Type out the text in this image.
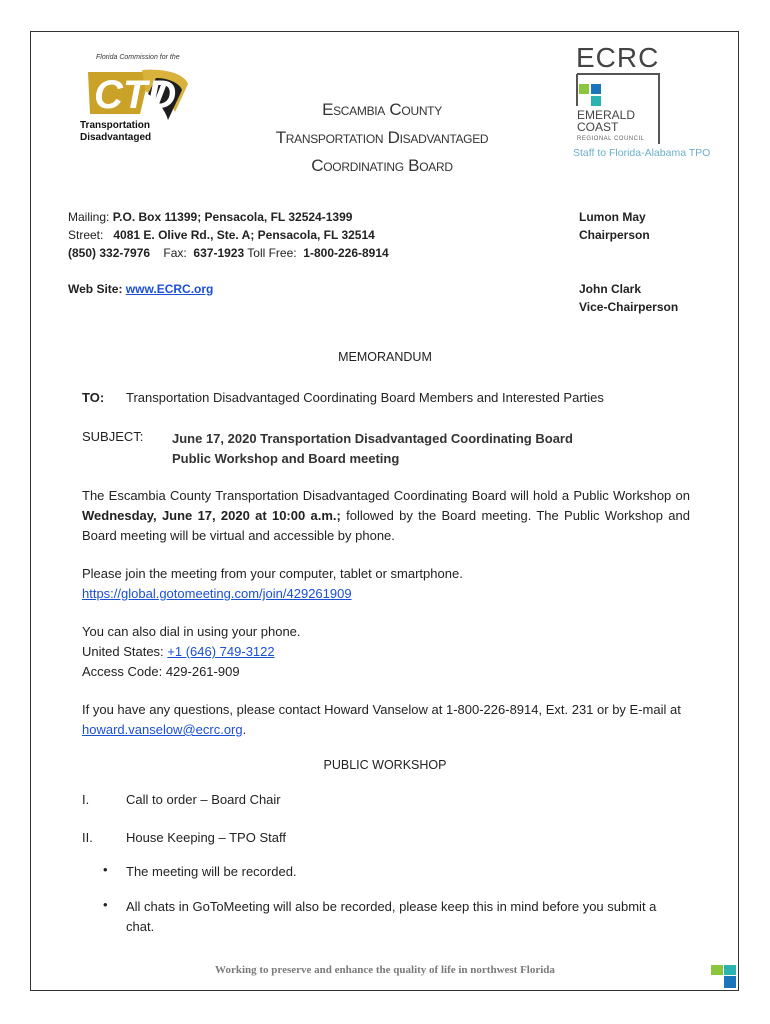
Florida Commission for the
CTD
Transportation
Disadvantaged
Escambia County
Transportation Disadvantaged
Coordinating Board
ECRC
EMERALD
COAST
REGIONAL COUNCIL
Staff to Florida-Alabama TPO
Mailing: P.O. Box 11399; Pensacola, FL 32524-1399
Street: 4081 E. Olive Rd., Ste. A; Pensacola, FL 32514
(850) 332-7976 Fax: 637-1923 Toll Free: 1-800-226-8914
Web Site: www.ECRC.org
Lumon May
Chairperson
John Clark
Vice-Chairperson
MEMORANDUM
TO: Transportation Disadvantaged Coordinating Board Members and Interested Parties
SUBJECT: June 17, 2020 Transportation Disadvantaged Coordinating Board
Public Workshop and Board meeting
The Escambia County Transportation Disadvantaged Coordinating Board will hold a Public Workshop on Wednesday, June 17, 2020 at 10:00 a.m.; followed by the Board meeting. The Public Workshop and Board meeting will be virtual and accessible by phone.
Please join the meeting from your computer, tablet or smartphone.
https://global.gotomeeting.com/join/429261909
You can also dial in using your phone.
United States: +1 (646) 749-3122
Access Code: 429-261-909
If you have any questions, please contact Howard Vanselow at 1-800-226-8914, Ext. 231 or by E-mail at howard.vanselow@ecrc.org.
PUBLIC WORKSHOP
I.	Call to order – Board Chair
II.	House Keeping – TPO Staff
• The meeting will be recorded.
• All chats in GoToMeeting will also be recorded, please keep this in mind before you submit a chat.
Working to preserve and enhance the quality of life in northwest Florida
